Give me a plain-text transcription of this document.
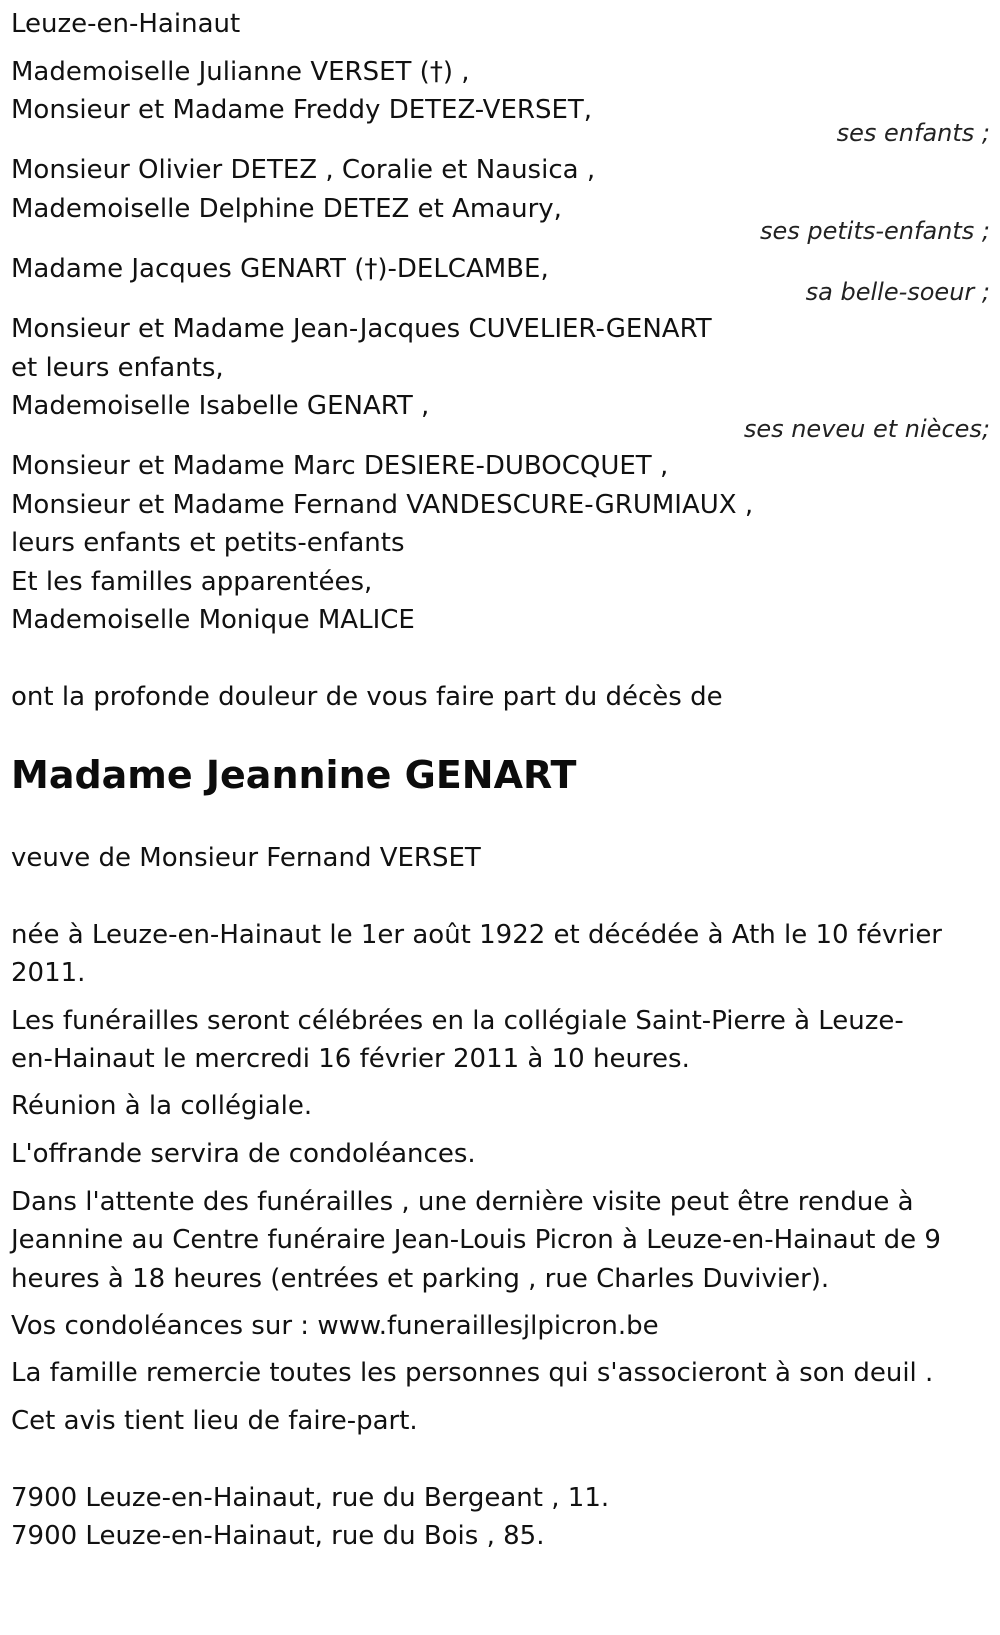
Leuze-en-Hainaut
Mademoiselle Julianne VERSET (†) ,
Monsieur et Madame Freddy DETEZ-VERSET,
ses enfants ;
Monsieur Olivier DETEZ , Coralie et Nausica ,
Mademoiselle Delphine DETEZ et Amaury,
ses petits-enfants ;
Madame Jacques GENART (†)-DELCAMBE,
sa belle-soeur ;
Monsieur et Madame Jean-Jacques CUVELIER-GENART
et leurs enfants,
Mademoiselle Isabelle GENART ,
ses neveu et nièces;
Monsieur et Madame Marc DESIERE-DUBOCQUET ,
Monsieur et Madame Fernand VANDESCURE-GRUMIAUX ,
leurs enfants et petits-enfants
Et les familles apparentées,
Mademoiselle Monique MALICE
ont la profonde douleur de vous faire part du décès de
Madame Jeannine GENART
veuve de Monsieur Fernand VERSET
née à Leuze-en-Hainaut le 1er août 1922 et décédée à Ath le 10 février
2011.
Les funérailles seront célébrées en la collégiale Saint-Pierre à Leuze-
en-Hainaut le mercredi 16 février 2011 à 10 heures.
Réunion à la collégiale.
L'offrande servira de condoléances.
Dans l'attente des funérailles , une dernière visite peut être rendue à
Jeannine au Centre funéraire Jean-Louis Picron à Leuze-en-Hainaut de 9
heures à 18 heures (entrées et parking , rue Charles Duvivier).
Vos condoléances sur : www.funeraillesjlpicron.be
La famille remercie toutes les personnes qui s'associeront à son deuil .
Cet avis tient lieu de faire-part.
7900 Leuze-en-Hainaut, rue du Bergeant , 11.
7900 Leuze-en-Hainaut, rue du Bois , 85.
